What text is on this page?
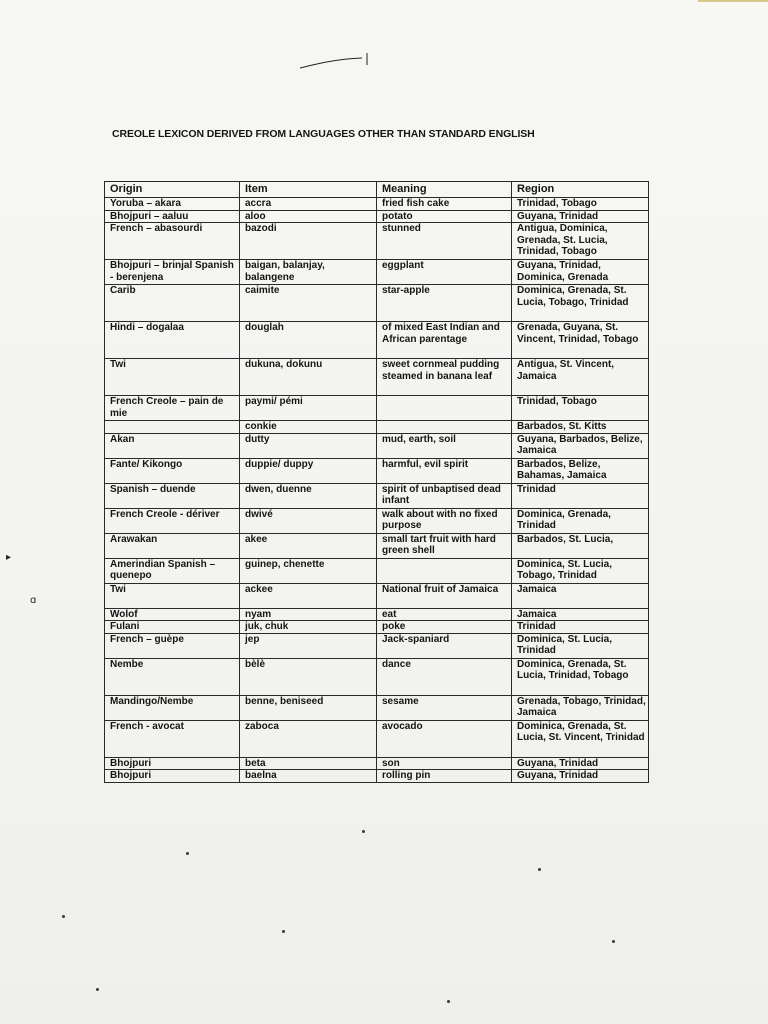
CREOLE LEXICON DERIVED FROM LANGUAGES OTHER THAN STANDARD ENGLISH
Origin	Item	Meaning	Region
Yoruba – akara	accra	fried fish cake	Trinidad, Tobago
Bhojpuri – aaluu	aloo	potato	Guyana, Trinidad
French – abasourdi	bazodi	stunned	Antigua, Dominica, Grenada, St. Lucia, Trinidad, Tobago
Bhojpuri – brinjal Spanish - berenjena	baigan, balanjay, balangene	eggplant	Guyana, Trinidad, Dominica, Grenada
Carib	caimite	star-apple	Dominica, Grenada, St. Lucia, Tobago, Trinidad
Hindi – dogalaa	douglah	of mixed East Indian and African parentage	Grenada, Guyana, St. Vincent, Trinidad, Tobago
Twi	dukuna, dokunu	sweet cornmeal pudding steamed in banana leaf	Antigua, St. Vincent, Jamaica
French Creole – pain de mie	paymi/ pémi		Trinidad, Tobago
	conkie		Barbados, St. Kitts
Akan	dutty	mud, earth, soil	Guyana, Barbados, Belize, Jamaica
Fante/ Kikongo	duppie/ duppy	harmful, evil spirit	Barbados, Belize, Bahamas, Jamaica
Spanish – duende	dwen, duenne	spirit of unbaptised dead infant	Trinidad
French Creole - dériver	dwivé	walk about with no fixed purpose	Dominica, Grenada, Trinidad
Arawakan	akee	small tart fruit with hard green shell	Barbados, St. Lucia,
Amerindian Spanish – quenepo	guinep, chenette		Dominica, St. Lucia, Tobago, Trinidad
Twi	ackee	National fruit of Jamaica	Jamaica
Wolof	nyam	eat	Jamaica
Fulani	juk, chuk	poke	Trinidad
French – guèpe	jep	Jack-spaniard	Dominica, St. Lucia, Trinidad
Nembe	bèlè	dance	Dominica, Grenada, St. Lucia, Trinidad, Tobago
Mandingo/Nembe	benne, beniseed	sesame	Grenada, Tobago, Trinidad, Jamaica
French - avocat	zaboca	avocado	Dominica, Grenada, St. Lucia, St. Vincent, Trinidad
Bhojpuri	beta	son	Guyana, Trinidad
Bhojpuri	baelna	rolling pin	Guyana, Trinidad
▸
ɑ
